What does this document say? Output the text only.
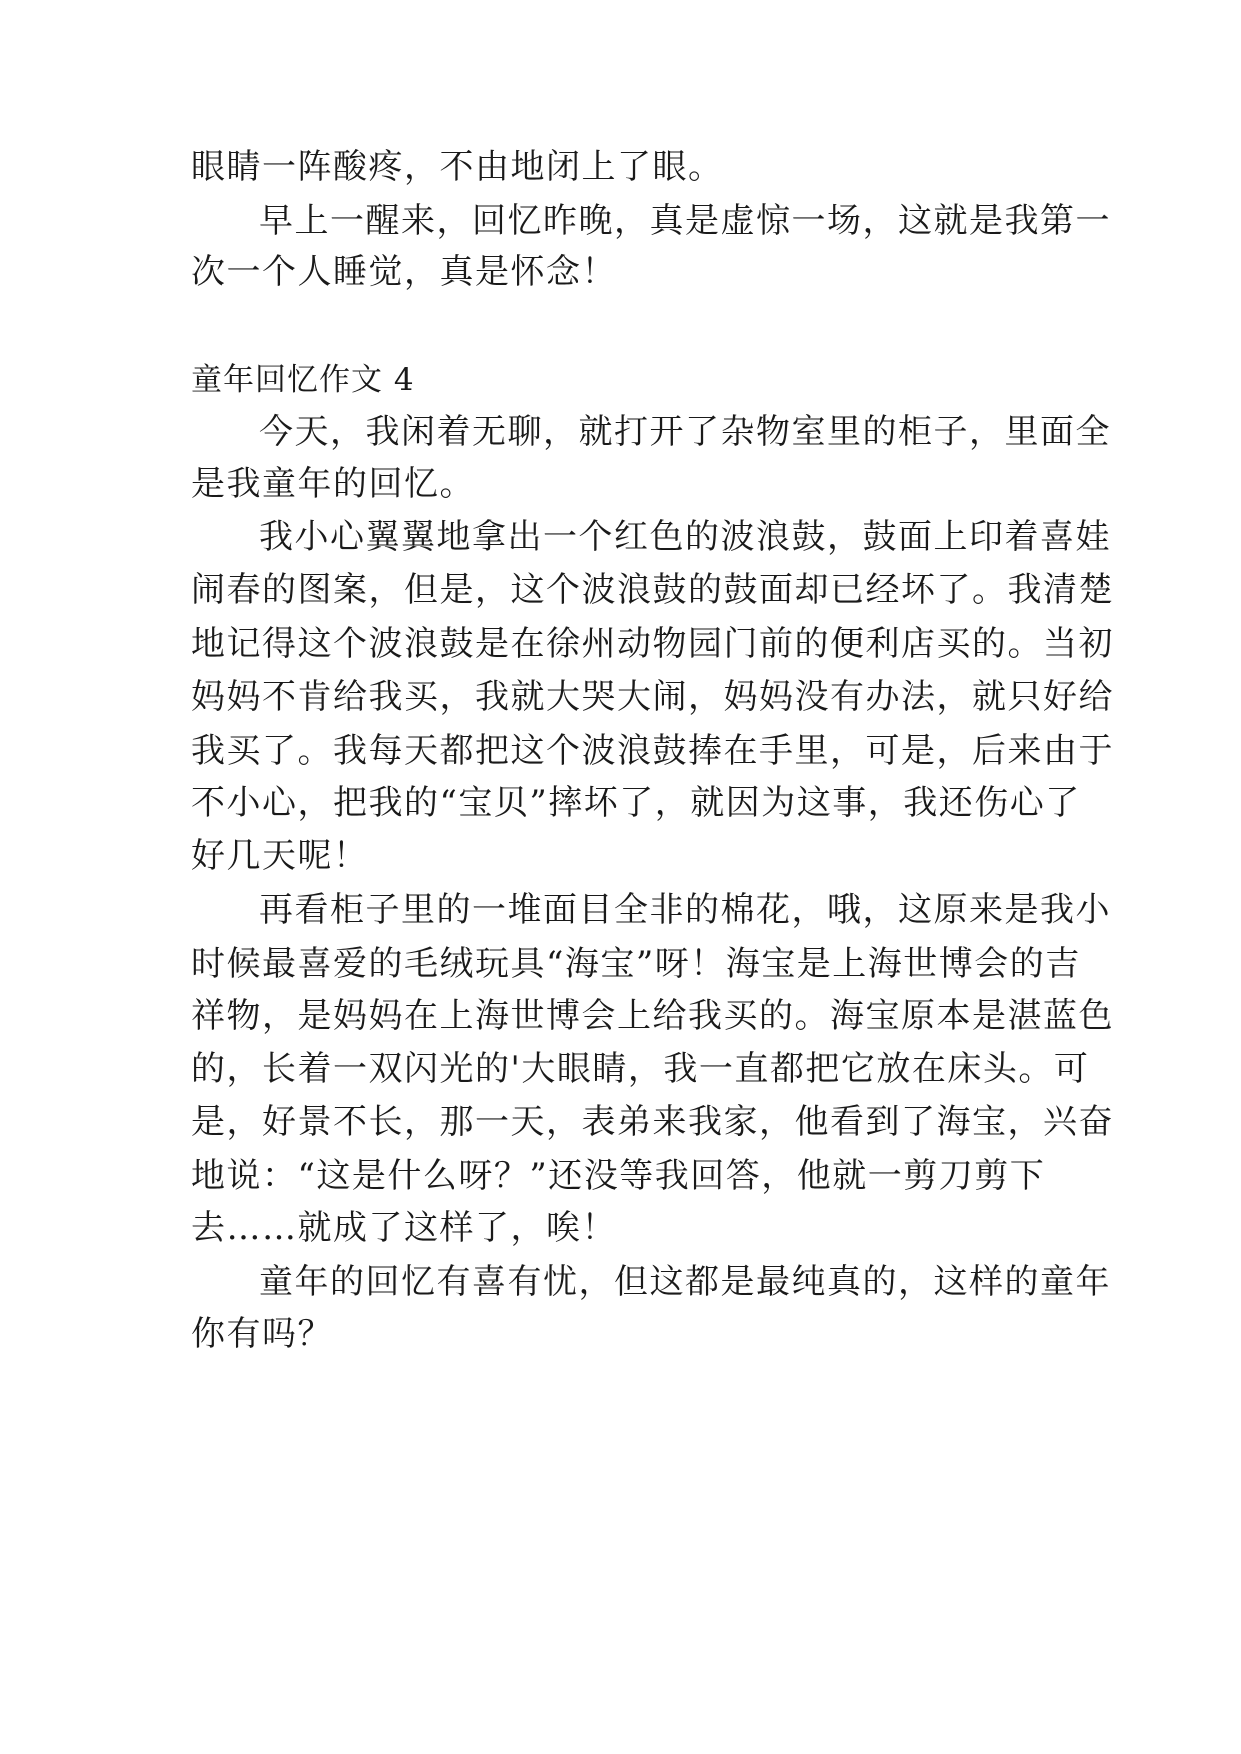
眼睛一阵酸疼，不由地闭上了眼。
早上一醒来，回忆昨晚，真是虚惊一场，这就是我第一
次一个人睡觉，真是怀念！
童年回忆作文 4
今天，我闲着无聊，就打开了杂物室里的柜子，里面全
是我童年的回忆。
我小心翼翼地拿出一个红色的波浪鼓，鼓面上印着喜娃
闹春的图案，但是，这个波浪鼓的鼓面却已经坏了。我清楚
地记得这个波浪鼓是在徐州动物园门前的便利店买的。当初
妈妈不肯给我买，我就大哭大闹，妈妈没有办法，就只好给
我买了。我每天都把这个波浪鼓捧在手里，可是，后来由于
不小心，把我的“宝贝”摔坏了，就因为这事，我还伤心了
好几天呢！
再看柜子里的一堆面目全非的棉花，哦，这原来是我小
时候最喜爱的毛绒玩具“海宝”呀！海宝是上海世博会的吉
祥物，是妈妈在上海世博会上给我买的。海宝原本是湛蓝色
的，长着一双闪光的'大眼睛，我一直都把它放在床头。可
是，好景不长，那一天，表弟来我家，他看到了海宝，兴奋
地说：“这是什么呀？”还没等我回答，他就一剪刀剪下
去……就成了这样了，唉！
童年的回忆有喜有忧，但这都是最纯真的，这样的童年
你有吗？
